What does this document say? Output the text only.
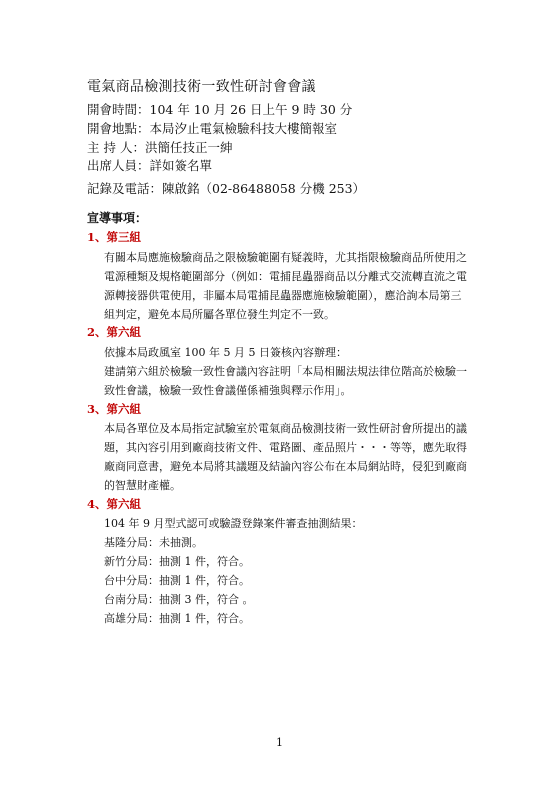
電氣商品檢測技術一致性研討會會議
開會時間：104 年 10 月 26 日上午 9 時 30 分
開會地點：本局汐止電氣檢驗科技大樓簡報室
主 持 人：洪簡任技正一紳
出席人員：詳如簽名單
記錄及電話：陳啟銘（02-86488058 分機 253）
宣導事項：
1、第三組
有關本局應施檢驗商品之限檢驗範圍有疑義時，尤其指限檢驗商品所使用之
電源種類及規格範圍部分（例如：電捕昆蟲器商品以分離式交流轉直流之電
源轉接器供電使用，非屬本局電捕昆蟲器應施檢驗範圍），應洽詢本局第三
組判定，避免本局所屬各單位發生判定不一致。
2、第六組
依據本局政風室 100 年 5 月 5 日簽核內容辦理：
建請第六組於檢驗一致性會議內容註明「本局相關法規法律位階高於檢驗一
致性會議，檢驗一致性會議僅係補強與釋示作用」。
3、第六組
本局各單位及本局指定試驗室於電氣商品檢測技術一致性研討會所提出的議
題，其內容引用到廠商技術文件、電路圖、產品照片・・・等等，應先取得
廠商同意書，避免本局將其議題及結論內容公布在本局網站時，侵犯到廠商
的智慧財產權。
4、第六組
104 年 9 月型式認可或驗證登錄案件審查抽測結果：
基隆分局：未抽測。
新竹分局：抽測 1 件，符合。
台中分局：抽測 1 件，符合。
台南分局：抽測 3 件，符合 。
高雄分局：抽測 1 件，符合。
1
